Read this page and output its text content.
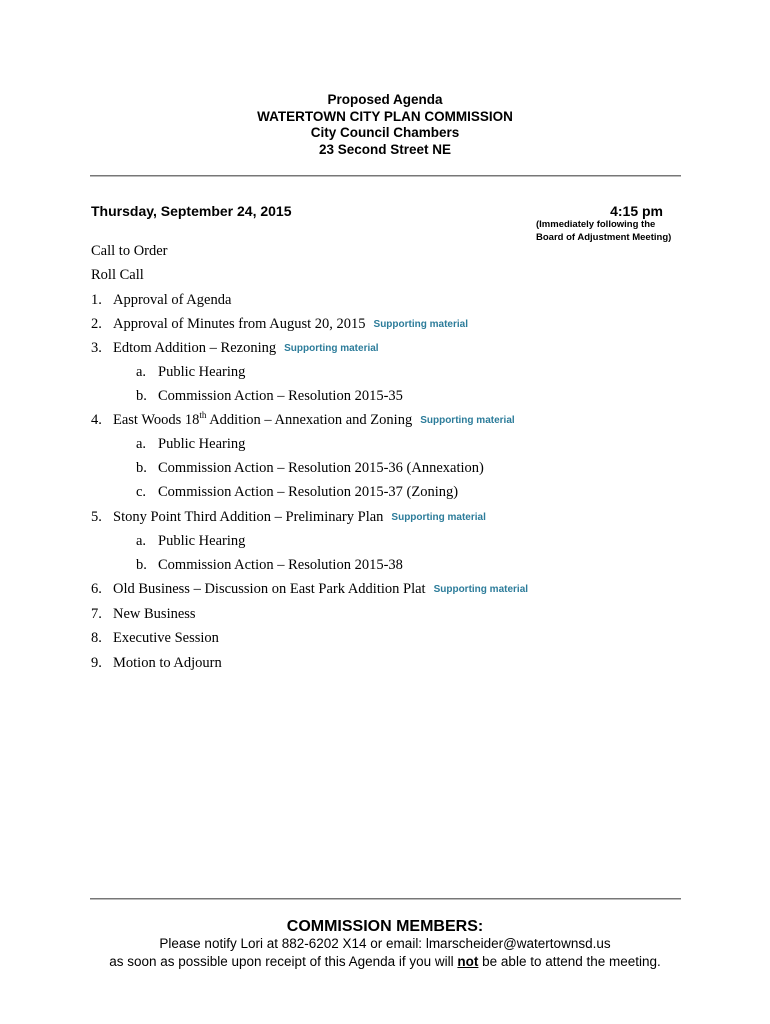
Proposed Agenda
WATERTOWN CITY PLAN COMMISSION
City Council Chambers
23 Second Street NE
Thursday, September 24, 2015	4:15 pm
(Immediately following the
Board of Adjustment Meeting)
Call to Order
Roll Call
1. Approval of Agenda
2. Approval of Minutes from August 20, 2015 Supporting material
3. Edtom Addition – Rezoning Supporting material
a. Public Hearing
b. Commission Action – Resolution 2015-35
4. East Woods 18th Addition – Annexation and Zoning Supporting material
a. Public Hearing
b. Commission Action – Resolution 2015-36 (Annexation)
c. Commission Action – Resolution 2015-37 (Zoning)
5. Stony Point Third Addition – Preliminary Plan Supporting material
a. Public Hearing
b. Commission Action – Resolution 2015-38
6. Old Business – Discussion on East Park Addition Plat Supporting material
7. New Business
8. Executive Session
9. Motion to Adjourn
COMMISSION MEMBERS:
Please notify Lori at 882-6202 X14 or email: lmarscheider@watertownsd.us
as soon as possible upon receipt of this Agenda if you will not be able to attend the meeting.
